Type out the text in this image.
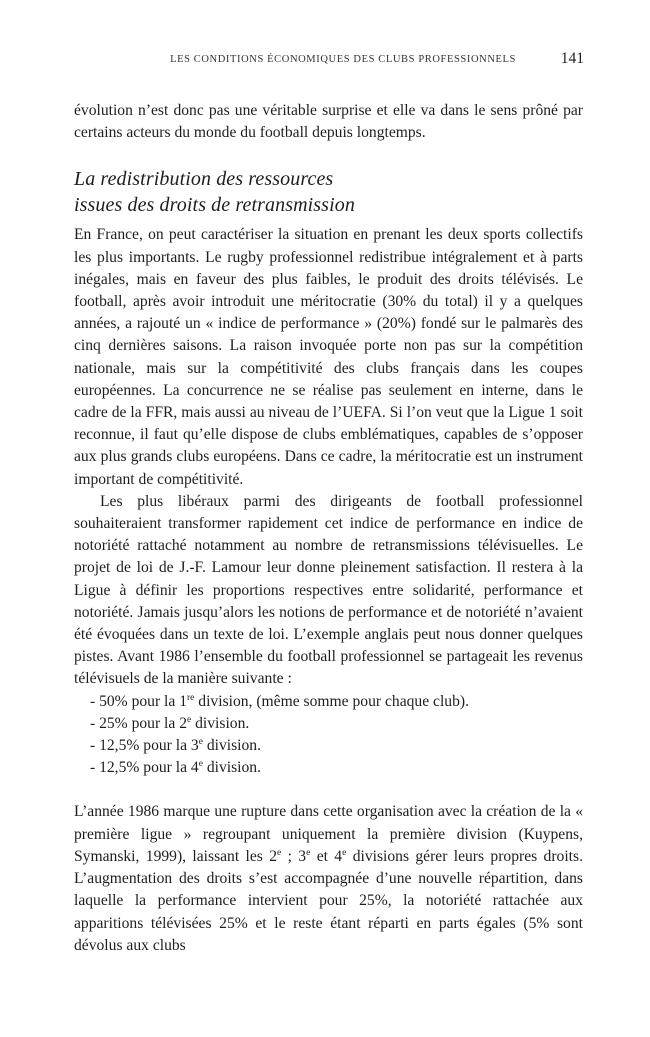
LES CONDITIONS ÉCONOMIQUES DES CLUBS PROFESSIONNELS	141

évolution n’est donc pas une véritable surprise et elle va dans le sens prôné par certains acteurs du monde du football depuis longtemps.

La redistribution des ressources
issues des droits de retransmission

En France, on peut caractériser la situation en prenant les deux sports collectifs les plus importants. Le rugby professionnel redistribue intégralement et à parts inégales, mais en faveur des plus faibles, le produit des droits télévisés. Le football, après avoir introduit une méritocratie (30% du total) il y a quelques années, a rajouté un « indice de performance » (20%) fondé sur le palmarès des cinq dernières saisons. La raison invoquée porte non pas sur la compétition nationale, mais sur la compétitivité des clubs français dans les coupes européennes. La concurrence ne se réalise pas seulement en interne, dans le cadre de la FFR, mais aussi au niveau de l’UEFA. Si l’on veut que la Ligue 1 soit reconnue, il faut qu’elle dispose de clubs emblématiques, capables de s’opposer aux plus grands clubs européens. Dans ce cadre, la méritocratie est un instrument important de compétitivité.

Les plus libéraux parmi des dirigeants de football professionnel souhaiteraient transformer rapidement cet indice de performance en indice de notoriété rattaché notamment au nombre de retransmissions télévisuelles. Le projet de loi de J.-F. Lamour leur donne pleinement satisfaction. Il restera à la Ligue à définir les proportions respectives entre solidarité, performance et notoriété. Jamais jusqu’alors les notions de performance et de notoriété n’avaient été évoquées dans un texte de loi. L’exemple anglais peut nous donner quelques pistes. Avant 1986 l’ensemble du football professionnel se partageait les revenus télévisuels de la manière suivante :

- 50% pour la 1re division, (même somme pour chaque club).
- 25% pour la 2e division.
- 12,5% pour la 3e division.
- 12,5% pour la 4e division.

L’année 1986 marque une rupture dans cette organisation avec la création de la « première ligue » regroupant uniquement la première division (Kuypens, Symanski, 1999), laissant les 2e ; 3e et 4e divisions gérer leurs propres droits. L’augmentation des droits s’est accompagnée d’une nouvelle répartition, dans laquelle la performance intervient pour 25%, la notoriété rattachée aux apparitions télévisées 25% et le reste étant réparti en parts égales (5% sont dévolus aux clubs
